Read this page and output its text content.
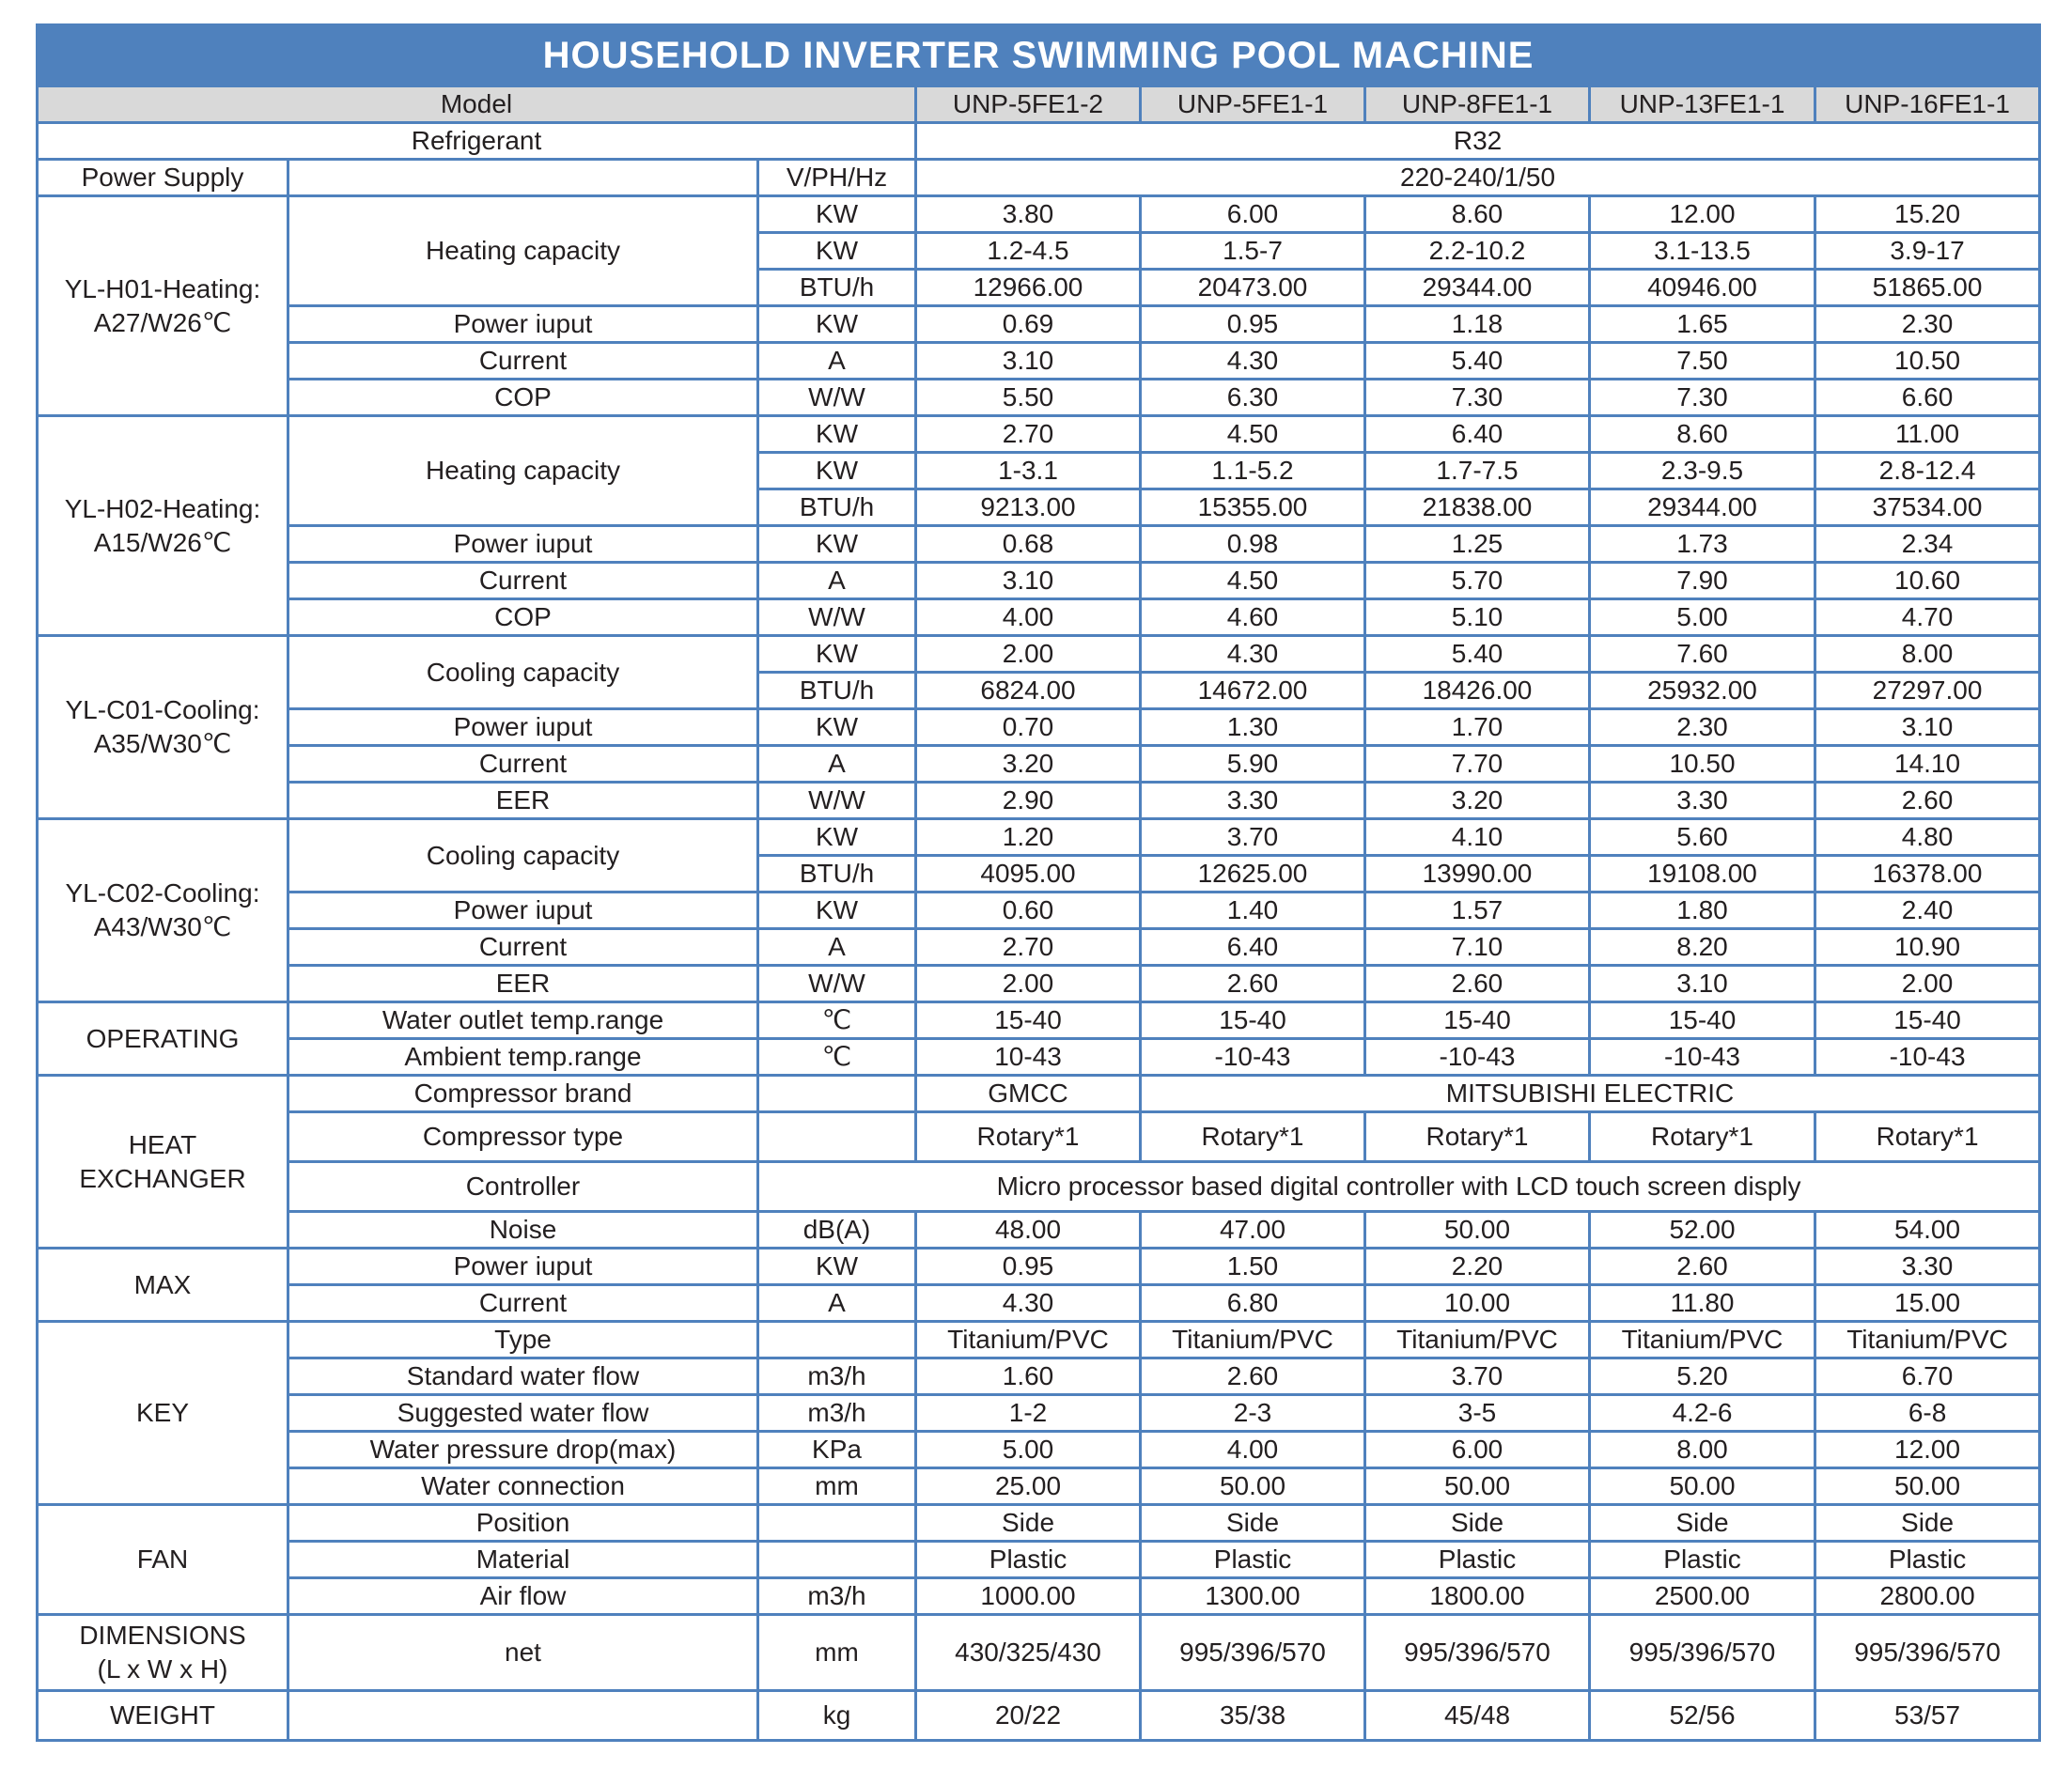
HOUSEHOLD INVERTER SWIMMING POOL MACHINE							
Model			UNP-5FE1-2	UNP-5FE1-1	UNP-8FE1-1	UNP-13FE1-1	UNP-16FE1-1
Refrigerant			R32				
Power Supply		V/PH/Hz	220-240/1/50				
YL-H01-Heating:
A27/W26℃	Heating capacity	KW	3.80	6.00	8.60	12.00	15.20
		KW	1.2-4.5	1.5-7	2.2-10.2	3.1-13.5	3.9-17
		BTU/h	12966.00	20473.00	29344.00	40946.00	51865.00
	Power iuput	KW	0.69	0.95	1.18	1.65	2.30
	Current	A	3.10	4.30	5.40	7.50	10.50
	COP	W/W	5.50	6.30	7.30	7.30	6.60
YL-H02-Heating:
A15/W26℃	Heating capacity	KW	2.70	4.50	6.40	8.60	11.00
		KW	1-3.1	1.1-5.2	1.7-7.5	2.3-9.5	2.8-12.4
		BTU/h	9213.00	15355.00	21838.00	29344.00	37534.00
	Power iuput	KW	0.68	0.98	1.25	1.73	2.34
	Current	A	3.10	4.50	5.70	7.90	10.60
	COP	W/W	4.00	4.60	5.10	5.00	4.70
YL-C01-Cooling:
A35/W30℃	Cooling capacity	KW	2.00	4.30	5.40	7.60	8.00
		BTU/h	6824.00	14672.00	18426.00	25932.00	27297.00
	Power iuput	KW	0.70	1.30	1.70	2.30	3.10
	Current	A	3.20	5.90	7.70	10.50	14.10
	EER	W/W	2.90	3.30	3.20	3.30	2.60
YL-C02-Cooling:
A43/W30℃	Cooling capacity	KW	1.20	3.70	4.10	5.60	4.80
		BTU/h	4095.00	12625.00	13990.00	19108.00	16378.00
	Power iuput	KW	0.60	1.40	1.57	1.80	2.40
	Current	A	2.70	6.40	7.10	8.20	10.90
	EER	W/W	2.00	2.60	2.60	3.10	2.00
OPERATING	Water outlet temp.range	℃	15-40	15-40	15-40	15-40	15-40
	Ambient temp.range	℃	10-43	-10-43	-10-43	-10-43	-10-43
HEAT
EXCHANGER	Compressor brand		GMCC	MITSUBISHI ELECTRIC			
	Compressor type		Rotary*1	Rotary*1	Rotary*1	Rotary*1	Rotary*1
	Controller	Micro processor based digital controller with LCD touch screen disply					
	Noise	dB(A)	48.00	47.00	50.00	52.00	54.00
MAX	Power iuput	KW	0.95	1.50	2.20	2.60	3.30
	Current	A	4.30	6.80	10.00	11.80	15.00
KEY	Type		Titanium/PVC	Titanium/PVC	Titanium/PVC	Titanium/PVC	Titanium/PVC
	Standard water flow	m3/h	1.60	2.60	3.70	5.20	6.70
	Suggested water flow	m3/h	1-2	2-3	3-5	4.2-6	6-8
	Water pressure drop(max)	KPa	5.00	4.00	6.00	8.00	12.00
	Water connection	mm	25.00	50.00	50.00	50.00	50.00
FAN	Position		Side	Side	Side	Side	Side
	Material		Plastic	Plastic	Plastic	Plastic	Plastic
	Air flow	m3/h	1000.00	1300.00	1800.00	2500.00	2800.00
DIMENSIONS
(L x W x H)	net	mm	430/325/430	995/396/570	995/396/570	995/396/570	995/396/570
WEIGHT		kg	20/22	35/38	45/48	52/56	53/57
